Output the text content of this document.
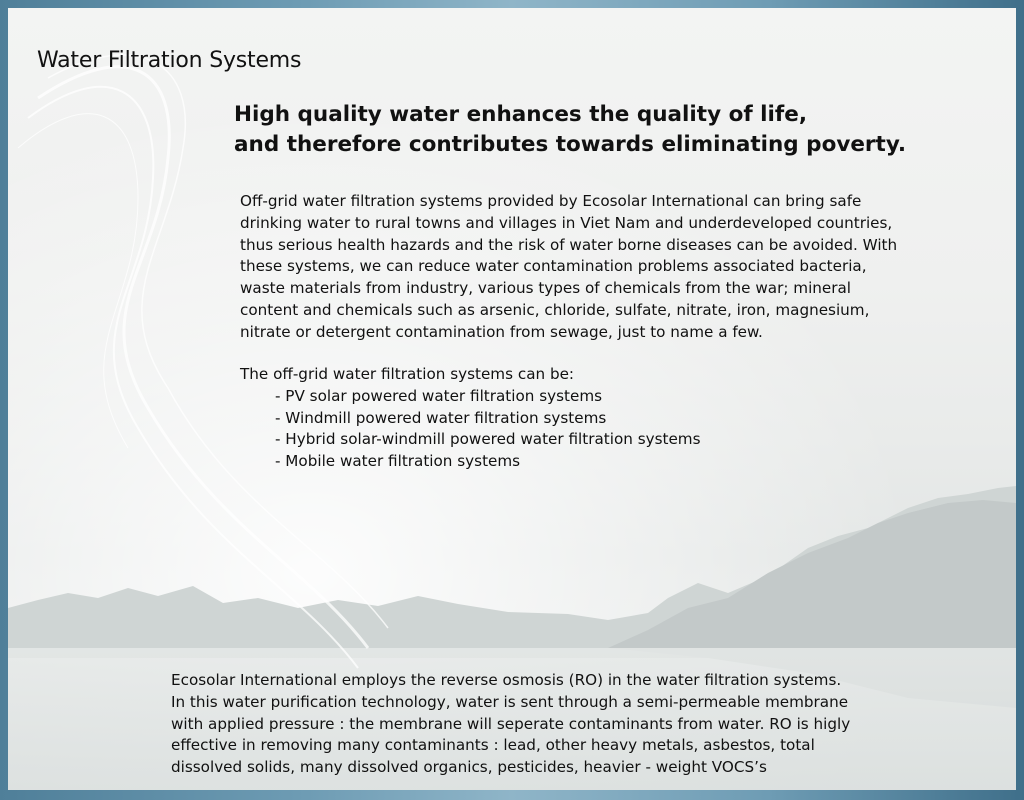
Water Filtration Systems
High quality water enhances the quality of life,
and therefore contributes towards eliminating poverty.
Off-grid water filtration systems provided by Ecosolar International can bring safe
drinking water to rural towns and villages in Viet Nam and underdeveloped countries,
thus serious health hazards and the risk of water borne diseases can be avoided. With
these systems, we can reduce water contamination problems associated bacteria,
waste materials from industry, various types of chemicals from the war; mineral
content and chemicals such as arsenic, chloride, sulfate, nitrate, iron, magnesium,
nitrate or detergent contamination from sewage, just to name a few.
The off-grid water filtration systems can be:
- PV solar powered water filtration systems
- Windmill powered water filtration systems
- Hybrid solar-windmill powered water filtration systems
- Mobile water filtration systems
Ecosolar International employs the reverse osmosis (RO) in the water filtration systems.
In this water purification technology, water is sent through a semi-permeable membrane
with applied pressure : the membrane will seperate contaminants from water. RO is higly
effective in removing many contaminants : lead, other heavy metals, asbestos, total
dissolved solids, many dissolved organics, pesticides, heavier - weight VOCS’s
